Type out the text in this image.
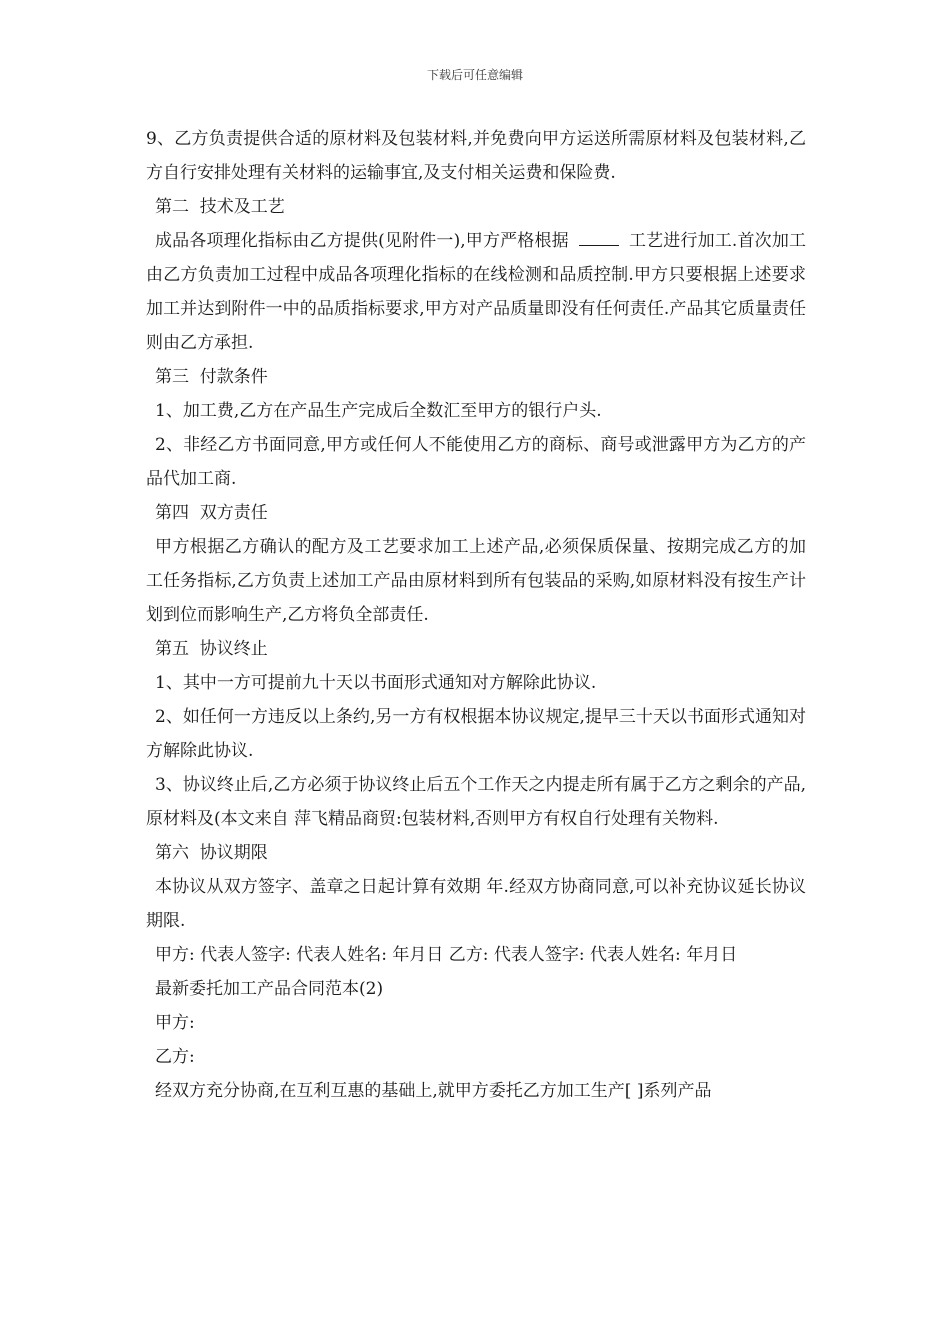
下载后可任意编辑

9、乙方负责提供合适的原材料及包装材料,并免费向甲方运送所需原材料及包装材料,乙方自行安排处理有关材料的运输事宜,及支付相关运费和保险费.

第二  技术及工艺

成品各项理化指标由乙方提供(见附件一),甲方严格根据	工艺进行加工.首次加工由乙方负责加工过程中成品各项理化指标的在线检测和品质控制.甲方只要根据上述要求加工并达到附件一中的品质指标要求,甲方对产品质量即没有任何责任.产品其它质量责任则由乙方承担.

第三  付款条件

1、加工费,乙方在产品生产完成后全数汇至甲方的银行户头.

2、非经乙方书面同意,甲方或任何人不能使用乙方的商标、商号或泄露甲方为乙方的产品代加工商.

第四  双方责任

甲方根据乙方确认的配方及工艺要求加工上述产品,必须保质保量、按期完成乙方的加工任务指标,乙方负责上述加工产品由原材料到所有包装品的采购,如原材料没有按生产计划到位而影响生产,乙方将负全部责任.

第五  协议终止

1、其中一方可提前九十天以书面形式通知对方解除此协议.

2、如任何一方违反以上条约,另一方有权根据本协议规定,提早三十天以书面形式通知对方解除此协议.

3、协议终止后,乙方必须于协议终止后五个工作天之内提走所有属于乙方之剩余的产品,原材料及(本文来自 萍飞精品商贸:包装材料,否则甲方有权自行处理有关物料.

第六  协议期限

本协议从双方签字、盖章之日起计算有效期 年.经双方协商同意,可以补充协议延长协议期限.

甲方: 代表人签字: 代表人姓名: 年月日 乙方: 代表人签字: 代表人姓名: 年月日

最新委托加工产品合同范本(2)

甲方:

乙方:

经双方充分协商,在互利互惠的基础上,就甲方委托乙方加工生产[ ]系列产品
